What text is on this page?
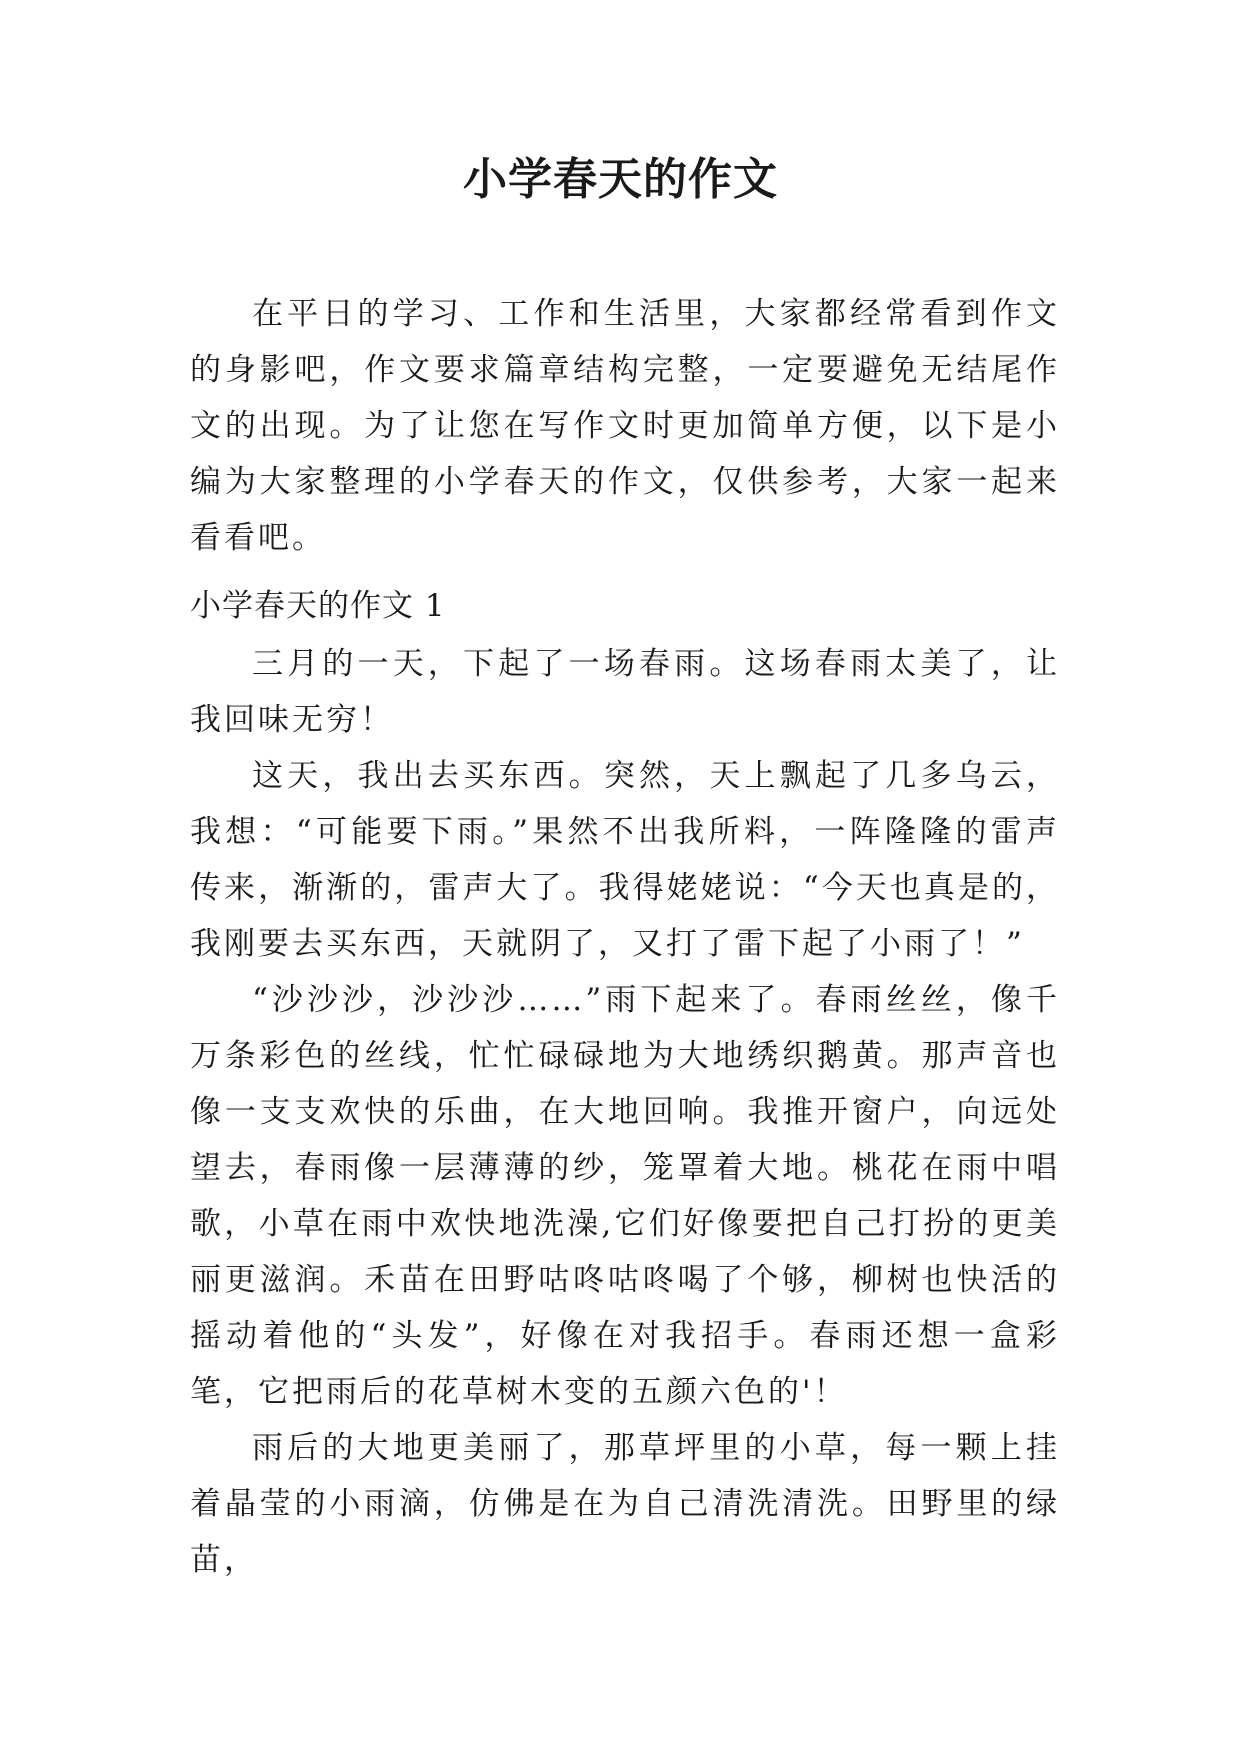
小学春天的作文

在平日的学习、工作和生活里，大家都经常看到作文的身影吧，作文要求篇章结构完整，一定要避免无结尾作文的出现。为了让您在写作文时更加简单方便，以下是小编为大家整理的小学春天的作文，仅供参考，大家一起来看看吧。

小学春天的作文 1

三月的一天，下起了一场春雨。这场春雨太美了，让我回味无穷！

这天，我出去买东西。突然，天上飘起了几多乌云，我想：“可能要下雨。”果然不出我所料，一阵隆隆的雷声传来，渐渐的，雷声大了。我得姥姥说：“今天也真是的，我刚要去买东西，天就阴了，又打了雷下起了小雨了！”

“沙沙沙，沙沙沙……”雨下起来了。春雨丝丝，像千万条彩色的丝线，忙忙碌碌地为大地绣织鹅黄。那声音也像一支支欢快的乐曲，在大地回响。我推开窗户，向远处望去，春雨像一层薄薄的纱，笼罩着大地。桃花在雨中唱歌，小草在雨中欢快地洗澡,它们好像要把自己打扮的更美丽更滋润。禾苗在田野咕咚咕咚喝了个够，柳树也快活的摇动着他的“头发”，好像在对我招手。春雨还想一盒彩笔，它把雨后的花草树木变的五颜六色的'！

雨后的大地更美丽了，那草坪里的小草，每一颗上挂着晶莹的小雨滴，仿佛是在为自己清洗清洗。田野里的绿苗，
